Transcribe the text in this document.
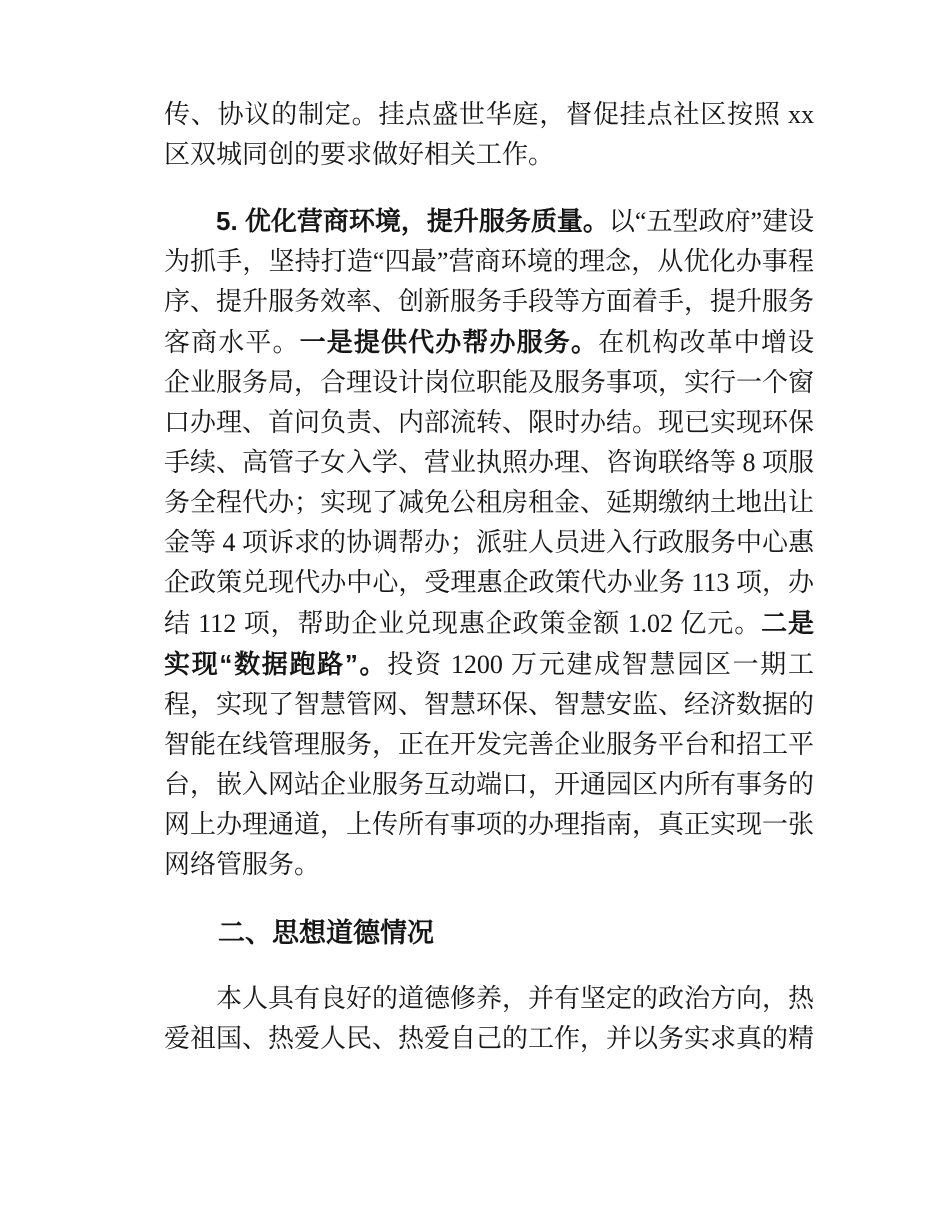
传、协议的制定。挂点盛世华庭，督促挂点社区按照 xx 区双城同创的要求做好相关工作。

5. 优化营商环境，提升服务质量。以“五型政府”建设为抓手，坚持打造“四最”营商环境的理念，从优化办事程序、提升服务效率、创新服务手段等方面着手，提升服务客商水平。一是提供代办帮办服务。在机构改革中增设企业服务局，合理设计岗位职能及服务事项，实行一个窗口办理、首问负责、内部流转、限时办结。现已实现环保手续、高管子女入学、营业执照办理、咨询联络等 8 项服务全程代办；实现了减免公租房租金、延期缴纳土地出让金等 4 项诉求的协调帮办；派驻人员进入行政服务中心惠企政策兑现代办中心，受理惠企政策代办业务 113 项，办结 112 项，帮助企业兑现惠企政策金额 1.02 亿元。二是实现“数据跑路”。投资 1200 万元建成智慧园区一期工程，实现了智慧管网、智慧环保、智慧安监、经济数据的智能在线管理服务，正在开发完善企业服务平台和招工平台，嵌入网站企业服务互动端口，开通园区内所有事务的网上办理通道，上传所有事项的办理指南，真正实现一张网络管服务。

二、思想道德情况

本人具有良好的道德修养，并有坚定的政治方向，热爱祖国、热爱人民、热爱自己的工作，并以务实求真的精
